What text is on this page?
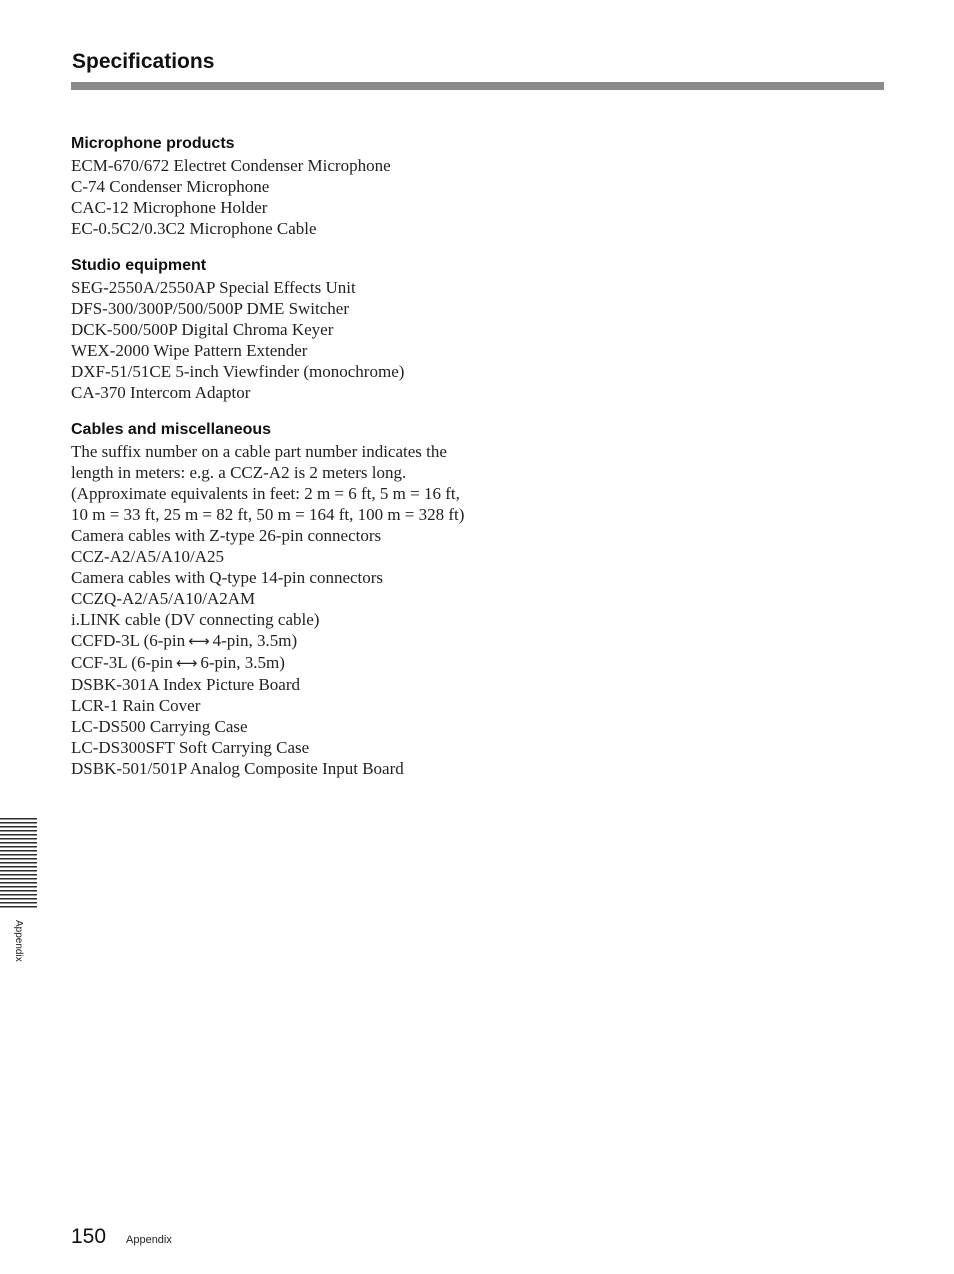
Specifications
Microphone products
ECM-670/672 Electret Condenser Microphone
C-74 Condenser Microphone
CAC-12 Microphone Holder
EC-0.5C2/0.3C2 Microphone Cable
Studio equipment
SEG-2550A/2550AP Special Effects Unit
DFS-300/300P/500/500P DME Switcher
DCK-500/500P Digital Chroma Keyer
WEX-2000 Wipe Pattern Extender
DXF-51/51CE 5-inch Viewfinder (monochrome)
CA-370 Intercom Adaptor
Cables and miscellaneous
The suffix number on a cable part number indicates the length in meters: e.g. a CCZ-A2 is 2 meters long. (Approximate equivalents in feet: 2 m = 6 ft, 5 m = 16 ft, 10 m = 33 ft, 25 m = 82 ft, 50 m = 164 ft, 100 m = 328 ft)
Camera cables with Z-type 26-pin connectors
CCZ-A2/A5/A10/A25
Camera cables with Q-type 14-pin connectors
CCZQ-A2/A5/A10/A2AM
i.LINK cable (DV connecting cable)
CCFD-3L (6-pin ⟷ 4-pin, 3.5m)
CCF-3L (6-pin ⟷ 6-pin, 3.5m)
DSBK-301A Index Picture Board
LCR-1 Rain Cover
LC-DS500 Carrying Case
LC-DS300SFT Soft Carrying Case
DSBK-501/501P Analog Composite Input Board
Appendix
150 Appendix
